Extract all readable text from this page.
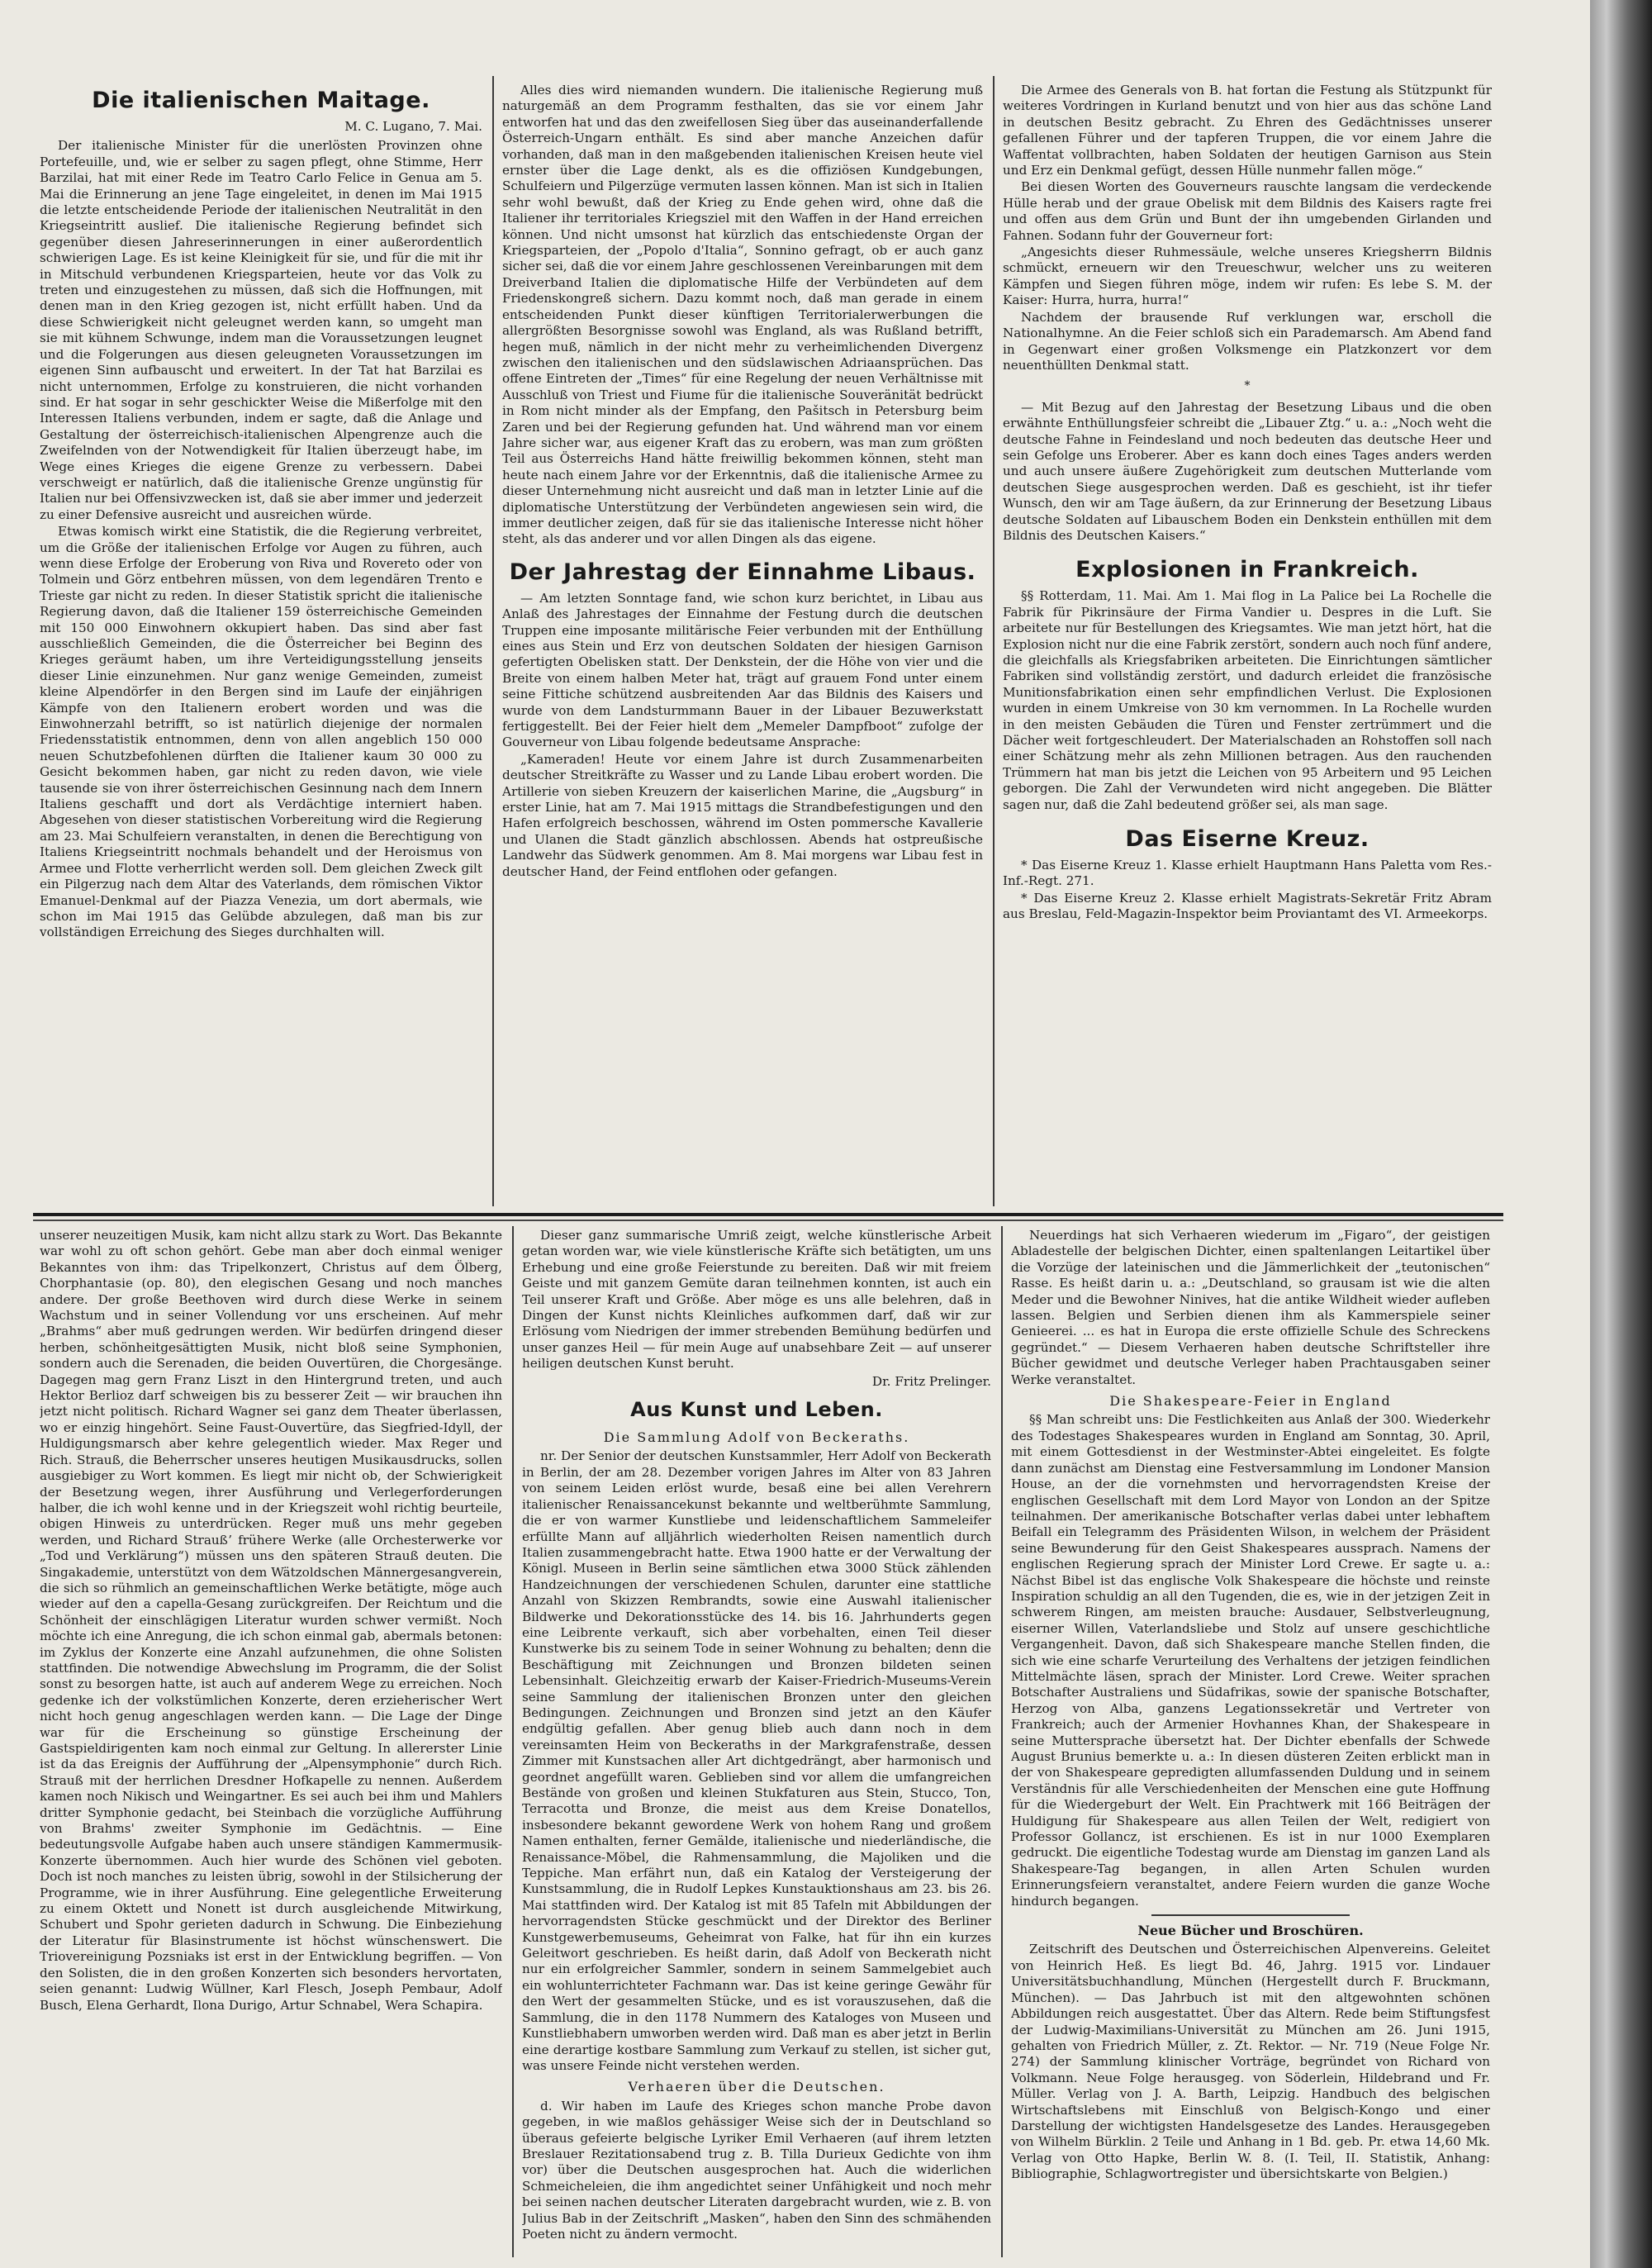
Die italienischen Maitage.
M. C. Lugano, 7. Mai.

Der italienische Minister für die unerlösten Provinzen ohne Portefeuille, und, wie er selber zu sagen pflegt, ohne Stimme, Herr Barzilai, hat mit einer Rede im Teatro Carlo Felice in Genua am 5. Mai die Erinnerung an jene Tage eingeleitet, in denen im Mai 1915 die letzte entscheidende Periode der italienischen Neutralität in den Kriegseintritt auslief. Die italienische Regierung befindet sich gegenüber diesen Jahreserinnerungen in einer außerordentlich schwierigen Lage. Es ist keine Kleinigkeit für sie, und für die mit ihr in Mitschuld verbundenen Kriegsparteien, heute vor das Volk zu treten und einzugestehen zu müssen, daß sich die Hoffnungen, mit denen man in den Krieg gezogen ist, nicht erfüllt haben. Und da diese Schwierigkeit nicht geleugnet werden kann, so umgeht man sie mit kühnem Schwunge, indem man die Voraussetzungen leugnet und die Folgerungen aus diesen geleugneten Voraussetzungen im eigenen Sinn aufbauscht und erweitert. In der Tat hat Barzilai es nicht unternommen, Erfolge zu konstruieren, die nicht vorhanden sind. Er hat sogar in sehr geschickter Weise die Mißerfolge mit den Interessen Italiens verbunden, indem er sagte, daß die Anlage und Gestaltung der österreichisch-italienischen Alpengrenze auch die Zweifelnden von der Notwendigkeit für Italien überzeugt habe, im Wege eines Krieges die eigene Grenze zu verbessern. Dabei verschweigt er natürlich, daß die italienische Grenze ungünstig für Italien nur bei Offensivzwecken ist, daß sie aber immer und jederzeit zu einer Defensive ausreicht und ausreichen würde.

Etwas komisch wirkt eine Statistik, die die Regierung verbreitet, um die Größe der italienischen Erfolge vor Augen zu führen, auch wenn diese Erfolge der Eroberung von Riva und Rovereto oder von Tolmein und Görz entbehren müssen, von dem legendären Trento e Trieste gar nicht zu reden. In dieser Statistik spricht die italienische Regierung davon, daß die Italiener 159 österreichische Gemeinden mit 150 000 Einwohnern okkupiert haben. Das sind aber fast ausschließlich Gemeinden, die die Österreicher bei Beginn des Krieges geräumt haben, um ihre Verteidigungsstellung jenseits dieser Linie einzunehmen. Nur ganz wenige Gemeinden, zumeist kleine Alpendörfer in den Bergen sind im Laufe der einjährigen Kämpfe von den Italienern erobert worden und was die Einwohnerzahl betrifft, so ist natürlich diejenige der normalen Friedensstatistik entnommen, denn von allen angeblich 150 000 neuen Schutzbefohlenen dürften die Italiener kaum 30 000 zu Gesicht bekommen haben, gar nicht zu reden davon, wie viele tausende sie von ihrer österreichischen Gesinnung nach dem Innern Italiens geschafft und dort als Verdächtige interniert haben. Abgesehen von dieser statistischen Vorbereitung wird die Regierung am 23. Mai Schulfeiern veranstalten, in denen die Berechtigung von Italiens Kriegseintritt nochmals behandelt und der Heroismus von Armee und Flotte verherrlicht werden soll. Dem gleichen Zweck gilt ein Pilgerzug nach dem Altar des Vaterlands, dem römischen Viktor Emanuel-Denkmal auf der Piazza Venezia, um dort abermals, wie schon im Mai 1915 das Gelübde abzulegen, daß man bis zur vollständigen Erreichung des Sieges durchhalten will.

Alles dies wird niemanden wundern. Die italienische Regierung muß naturgemäß an dem Programm festhalten, das sie vor einem Jahr entworfen hat und das den zweifellosen Sieg über das auseinanderfallende Österreich-Ungarn enthält. Es sind aber manche Anzeichen dafür vorhanden, daß man in den maßgebenden italienischen Kreisen heute viel ernster über die Lage denkt, als es die offiziösen Kundgebungen, Schulfeiern und Pilgerzüge vermuten lassen können. Man ist sich in Italien sehr wohl bewußt, daß der Krieg zu Ende gehen wird, ohne daß die Italiener ihr territoriales Kriegsziel mit den Waffen in der Hand erreichen können. Und nicht umsonst hat kürzlich das entschiedenste Organ der Kriegsparteien, der „Popolo d'Italia“, Sonnino gefragt, ob er auch ganz sicher sei, daß die vor einem Jahre geschlossenen Vereinbarungen mit dem Dreiverband Italien die diplomatische Hilfe der Verbündeten auf dem Friedenskongreß sichern. Dazu kommt noch, daß man gerade in einem entscheidenden Punkt dieser künftigen Territorialerwerbungen die allergrößten Besorgnisse sowohl was England, als was Rußland betrifft, hegen muß, nämlich in der nicht mehr zu verheimlichenden Divergenz zwischen den italienischen und den südslawischen Adriaansprüchen. Das offene Eintreten der „Times“ für eine Regelung der neuen Verhältnisse mit Ausschluß von Triest und Fiume für die italienische Souveränität bedrückt in Rom nicht minder als der Empfang, den Pašitsch in Petersburg beim Zaren und bei der Regierung gefunden hat. Und während man vor einem Jahre sicher war, aus eigener Kraft das zu erobern, was man zum größten Teil aus Österreichs Hand hätte freiwillig bekommen können, steht man heute nach einem Jahre vor der Erkenntnis, daß die italienische Armee zu dieser Unternehmung nicht ausreicht und daß man in letzter Linie auf die diplomatische Unterstützung der Verbündeten angewiesen sein wird, die immer deutlicher zeigen, daß für sie das italienische Interesse nicht höher steht, als das anderer und vor allen Dingen als das eigene.

Der Jahrestag der Einnahme Libaus.

— Am letzten Sonntage fand, wie schon kurz berichtet, in Libau aus Anlaß des Jahrestages der Einnahme der Festung durch die deutschen Truppen eine imposante militärische Feier verbunden mit der Enthüllung eines aus Stein und Erz von deutschen Soldaten der hiesigen Garnison gefertigten Obelisken statt. Der Denkstein, der die Höhe von vier und die Breite von einem halben Meter hat, trägt auf grauem Fond unter einem seine Fittiche schützend ausbreitenden Aar das Bildnis des Kaisers und wurde von dem Landsturmmann Bauer in der Libauer Bezuwerkstatt fertiggestellt. Bei der Feier hielt dem „Memeler Dampfboot“ zufolge der Gouverneur von Libau folgende bedeutsame Ansprache:

„Kameraden! Heute vor einem Jahre ist durch Zusammenarbeiten deutscher Streitkräfte zu Wasser und zu Lande Libau erobert worden. Die Artillerie von sieben Kreuzern der kaiserlichen Marine, die „Augsburg“ in erster Linie, hat am 7. Mai 1915 mittags die Strandbefestigungen und den Hafen erfolgreich beschossen, während im Osten pommersche Kavallerie und Ulanen die Stadt gänzlich abschlossen. Abends hat ostpreußische Landwehr das Südwerk genommen. Am 8. Mai morgens war Libau fest in deutscher Hand, der Feind entflohen oder gefangen.

Die Armee des Generals von B. hat fortan die Festung als Stützpunkt für weiteres Vordringen in Kurland benutzt und von hier aus das schöne Land in deutschen Besitz gebracht. Zu Ehren des Gedächtnisses unserer gefallenen Führer und der tapferen Truppen, die vor einem Jahre die Waffentat vollbrachten, haben Soldaten der heutigen Garnison aus Stein und Erz ein Denkmal gefügt, dessen Hülle nunmehr fallen möge.“

Bei diesen Worten des Gouverneurs rauschte langsam die verdeckende Hülle herab und der graue Obelisk mit dem Bildnis des Kaisers ragte frei und offen aus dem Grün und Bunt der ihn umgebenden Girlanden und Fahnen. Sodann fuhr der Gouverneur fort:

„Angesichts dieser Ruhmessäule, welche unseres Kriegsherrn Bildnis schmückt, erneuern wir den Treueschwur, welcher uns zu weiteren Kämpfen und Siegen führen möge, indem wir rufen: Es lebe S. M. der Kaiser: Hurra, hurra, hurra!“

Nachdem der brausende Ruf verklungen war, erscholl die Nationalhymne. An die Feier schloß sich ein Parademarsch. Am Abend fand in Gegenwart einer großen Volksmenge ein Platzkonzert vor dem neuenthüllten Denkmal statt.

*

— Mit Bezug auf den Jahrestag der Besetzung Libaus und die oben erwähnte Enthüllungsfeier schreibt die „Libauer Ztg.“ u. a.: „Noch weht die deutsche Fahne in Feindesland und noch bedeuten das deutsche Heer und sein Gefolge uns Eroberer. Aber es kann doch eines Tages anders werden und auch unsere äußere Zugehörigkeit zum deutschen Mutterlande vom deutschen Siege ausgesprochen werden. Daß es geschieht, ist ihr tiefer Wunsch, den wir am Tage äußern, da zur Erinnerung der Besetzung Libaus deutsche Soldaten auf Libauschem Boden ein Denkstein enthüllen mit dem Bildnis des Deutschen Kaisers.“

Explosionen in Frankreich.

§§ Rotterdam, 11. Mai. Am 1. Mai flog in La Palice bei La Rochelle die Fabrik für Pikrinsäure der Firma Vandier u. Despres in die Luft. Sie arbeitete nur für Bestellungen des Kriegsamtes. Wie man jetzt hört, hat die Explosion nicht nur die eine Fabrik zerstört, sondern auch noch fünf andere, die gleichfalls als Kriegsfabriken arbeiteten. Die Einrichtungen sämtlicher Fabriken sind vollständig zerstört, und dadurch erleidet die französische Munitionsfabrikation einen sehr empfindlichen Verlust. Die Explosionen wurden in einem Umkreise von 30 km vernommen. In La Rochelle wurden in den meisten Gebäuden die Türen und Fenster zertrümmert und die Dächer weit fortgeschleudert. Der Materialschaden an Rohstoffen soll nach einer Schätzung mehr als zehn Millionen betragen. Aus den rauchenden Trümmern hat man bis jetzt die Leichen von 95 Arbeitern und 95 Leichen geborgen. Die Zahl der Verwundeten wird nicht angegeben. Die Blätter sagen nur, daß die Zahl bedeutend größer sei, als man sage.

Das Eiserne Kreuz.

* Das Eiserne Kreuz 1. Klasse erhielt Hauptmann Hans Paletta vom Res.-Inf.-Regt. 271.

* Das Eiserne Kreuz 2. Klasse erhielt Magistrats-Sekretär Fritz Abram aus Breslau, Feld-Magazin-Inspektor beim Proviantamt des VI. Armeekorps.

unserer neuzeitigen Musik, kam nicht allzu stark zu Wort. Das Bekannte war wohl zu oft schon gehört. Gebe man aber doch einmal weniger Bekanntes von ihm: das Tripelkonzert, Christus auf dem Ölberg, Chorphantasie (op. 80), den elegischen Gesang und noch manches andere. Der große Beethoven wird durch diese Werke in seinem Wachstum und in seiner Vollendung vor uns erscheinen. Auf mehr „Brahms“ aber muß gedrungen werden. Wir bedürfen dringend dieser herben, schönheitgesättigten Musik, nicht bloß seine Symphonien, sondern auch die Serenaden, die beiden Ouvertüren, die Chorgesänge. Dagegen mag gern Franz Liszt in den Hintergrund treten, und auch Hektor Berlioz darf schweigen bis zu besserer Zeit — wir brauchen ihn jetzt nicht politisch. Richard Wagner sei ganz dem Theater überlassen, wo er einzig hingehört. Seine Faust-Ouvertüre, das Siegfried-Idyll, der Huldigungsmarsch aber kehre gelegentlich wieder. Max Reger und Rich. Strauß, die Beherrscher unseres heutigen Musikausdrucks, sollen ausgiebiger zu Wort kommen. Es liegt mir nicht ob, der Schwierigkeit der Besetzung wegen, ihrer Ausführung und Verlegerforderungen halber, die ich wohl kenne und in der Kriegszeit wohl richtig beurteile, obigen Hinweis zu unterdrücken. Reger muß uns mehr gegeben werden, und Richard Straußʼ frühere Werke (alle Orchesterwerke vor „Tod und Verklärung“) müssen uns den späteren Strauß deuten. Die Singakademie, unterstützt von dem Wätzoldschen Männergesangverein, die sich so rühmlich an gemeinschaftlichen Werke betätigte, möge auch wieder auf den a capella-Gesang zurückgreifen. Der Reichtum und die Schönheit der einschlägigen Literatur wurden schwer vermißt. Noch möchte ich eine Anregung, die ich schon einmal gab, abermals betonen: im Zyklus der Konzerte eine Anzahl aufzunehmen, die ohne Solisten stattfinden. Die notwendige Abwechslung im Programm, die der Solist sonst zu besorgen hatte, ist auch auf anderem Wege zu erreichen. Noch gedenke ich der volkstümlichen Konzerte, deren erzieherischer Wert nicht hoch genug angeschlagen werden kann. — Die Lage der Dinge war für die Erscheinung so günstige Erscheinung der Gastspieldirigenten kam noch einmal zur Geltung. In allererster Linie ist da das Ereignis der Aufführung der „Alpensymphonie“ durch Rich. Strauß mit der herrlichen Dresdner Hofkapelle zu nennen. Außerdem kamen noch Nikisch und Weingartner. Es sei auch bei ihm und Mahlers dritter Symphonie gedacht, bei Steinbach die vorzügliche Aufführung von Brahms' zweiter Symphonie im Gedächtnis. — Eine bedeutungsvolle Aufgabe haben auch unsere ständigen Kammermusik-Konzerte übernommen. Auch hier wurde des Schönen viel geboten. Doch ist noch manches zu leisten übrig, sowohl in der Stilsicherung der Programme, wie in ihrer Ausführung. Eine gelegentliche Erweiterung zu einem Oktett und Nonett ist durch ausgleichende Mitwirkung, Schubert und Spohr gerieten dadurch in Schwung. Die Einbeziehung der Literatur für Blasinstrumente ist höchst wünschenswert. Die Triovereinigung Pozsniaks ist erst in der Entwicklung begriffen. — Von den Solisten, die in den großen Konzerten sich besonders hervortaten, seien genannt: Ludwig Wüllner, Karl Flesch, Joseph Pembaur, Adolf Busch, Elena Gerhardt, Ilona Durigo, Artur Schnabel, Wera Schapira.

Dieser ganz summarische Umriß zeigt, welche künstlerische Arbeit getan worden war, wie viele künstlerische Kräfte sich betätigten, um uns Erhebung und eine große Feierstunde zu bereiten. Daß wir mit freiem Geiste und mit ganzem Gemüte daran teilnehmen konnten, ist auch ein Teil unserer Kraft und Größe. Aber möge es uns alle belehren, daß in Dingen der Kunst nichts Kleinliches aufkommen darf, daß wir zur Erlösung vom Niedrigen der immer strebenden Bemühung bedürfen und unser ganzes Heil — für mein Auge auf unabsehbare Zeit — auf unserer heiligen deutschen Kunst beruht.

Dr. Fritz Prelinger.
Aus Kunst und Leben.
Die Sammlung Adolf von Beckeraths.

nr. Der Senior der deutschen Kunstsammler, Herr Adolf von Beckerath in Berlin, der am 28. Dezember vorigen Jahres im Alter von 83 Jahren von seinem Leiden erlöst wurde, besaß eine bei allen Verehrern italienischer Renaissancekunst bekannte und weltberühmte Sammlung, die er von warmer Kunstliebe und leidenschaftlichem Sammeleifer erfüllte Mann auf alljährlich wiederholten Reisen namentlich durch Italien zusammengebracht hatte. Etwa 1900 hatte er der Verwaltung der Königl. Museen in Berlin seine sämtlichen etwa 3000 Stück zählenden Handzeichnungen der verschiedenen Schulen, darunter eine stattliche Anzahl von Skizzen Rembrandts, sowie eine Auswahl italienischer Bildwerke und Dekorationsstücke des 14. bis 16. Jahrhunderts gegen eine Leibrente verkauft, sich aber vorbehalten, einen Teil dieser Kunstwerke bis zu seinem Tode in seiner Wohnung zu behalten; denn die Beschäftigung mit Zeichnungen und Bronzen bildeten seinen Lebensinhalt. Gleichzeitig erwarb der Kaiser-Friedrich-Museums-Verein seine Sammlung der italienischen Bronzen unter den gleichen Bedingungen. Zeichnungen und Bronzen sind jetzt an den Käufer endgültig gefallen. Aber genug blieb auch dann noch in dem vereinsamten Heim von Beckeraths in der Markgrafenstraße, dessen Zimmer mit Kunstsachen aller Art dichtgedrängt, aber harmonisch und geordnet angefüllt waren. Geblieben sind vor allem die umfangreichen Bestände von großen und kleinen Stukfaturen aus Stein, Stucco, Ton, Terracotta und Bronze, die meist aus dem Kreise Donatellos, insbesondere bekannt gewordene Werk von hohem Rang und großem Namen enthalten, ferner Gemälde, italienische und niederländische, die Renaissance-Möbel, die Rahmensammlung, die Majoliken und die Teppiche. Man erfährt nun, daß ein Katalog der Versteigerung der Kunstsammlung, die in Rudolf Lepkes Kunstauktionshaus am 23. bis 26. Mai stattfinden wird. Der Katalog ist mit 85 Tafeln mit Abbildungen der hervorragendsten Stücke geschmückt und der Direktor des Berliner Kunstgewerbemuseums, Geheimrat von Falke, hat für ihn ein kurzes Geleitwort geschrieben. Es heißt darin, daß Adolf von Beckerath nicht nur ein erfolgreicher Sammler, sondern in seinem Sammelgebiet auch ein wohlunterrichteter Fachmann war. Das ist keine geringe Gewähr für den Wert der gesammelten Stücke, und es ist vorauszusehen, daß die Sammlung, die in den 1178 Nummern des Kataloges von Museen und Kunstliebhabern umworben werden wird. Daß man es aber jetzt in Berlin eine derartige kostbare Sammlung zum Verkauf zu stellen, ist sicher gut, was unsere Feinde nicht verstehen werden.

Verhaeren über die Deutschen.

d. Wir haben im Laufe des Krieges schon manche Probe davon gegeben, in wie maßlos gehässiger Weise sich der in Deutschland so überaus gefeierte belgische Lyriker Emil Verhaeren (auf ihrem letzten Breslauer Rezitationsabend trug z. B. Tilla Durieux Gedichte von ihm vor) über die Deutschen ausgesprochen hat. Auch die widerlichen Schmeicheleien, die ihm angedichtet seiner Unfähigkeit und noch mehr bei seinen nachen deutscher Literaten dargebracht wurden, wie z. B. von Julius Bab in der Zeitschrift „Masken“, haben den Sinn des schmähenden Poeten nicht zu ändern vermocht.

Neuerdings hat sich Verhaeren wiederum im „Figaro“, der geistigen Abladestelle der belgischen Dichter, einen spaltenlangen Leitartikel über die Vorzüge der lateinischen und die Jämmerlichkeit der „teutonischen“ Rasse. Es heißt darin u. a.: „Deutschland, so grausam ist wie die alten Meder und die Bewohner Ninives, hat die antike Wildheit wieder aufleben lassen. Belgien und Serbien dienen ihm als Kammerspiele seiner Genieerei. ... es hat in Europa die erste offizielle Schule des Schreckens gegründet.“ — Diesem Verhaeren haben deutsche Schriftsteller ihre Bücher gewidmet und deutsche Verleger haben Prachtausgaben seiner Werke veranstaltet.

Die Shakespeare-Feier in England

§§ Man schreibt uns: Die Festlichkeiten aus Anlaß der 300. Wiederkehr des Todestages Shakespeares wurden in England am Sonntag, 30. April, mit einem Gottesdienst in der Westminster-Abtei eingeleitet. Es folgte dann zunächst am Dienstag eine Festversammlung im Londoner Mansion House, an der die vornehmsten und hervorragendsten Kreise der englischen Gesellschaft mit dem Lord Mayor von London an der Spitze teilnahmen. Der amerikanische Botschafter verlas dabei unter lebhaftem Beifall ein Telegramm des Präsidenten Wilson, in welchem der Präsident seine Bewunderung für den Geist Shakespeares aussprach. Namens der englischen Regierung sprach der Minister Lord Crewe. Er sagte u. a.: Nächst Bibel ist das englische Volk Shakespeare die höchste und reinste Inspiration schuldig an all den Tugenden, die es, wie in der jetzigen Zeit in schwerem Ringen, am meisten brauche: Ausdauer, Selbstverleugnung, eiserner Willen, Vaterlandsliebe und Stolz auf unsere geschichtliche Vergangenheit. Davon, daß sich Shakespeare manche Stellen finden, die sich wie eine scharfe Verurteilung des Verhaltens der jetzigen feindlichen Mittelmächte läsen, sprach der Minister. Lord Crewe. Weiter sprachen Botschafter Australiens und Südafrikas, sowie der spanische Botschafter, Herzog von Alba, ganzens Legationssekretär und Vertreter von Frankreich; auch der Armenier Hovhannes Khan, der Shakespeare in seine Muttersprache übersetzt hat. Der Dichter ebenfalls der Schwede August Brunius bemerkte u. a.: In diesen düsteren Zeiten erblickt man in der von Shakespeare gepredigten allumfassenden Duldung und in seinem Verständnis für alle Verschiedenheiten der Menschen eine gute Hoffnung für die Wiedergeburt der Welt. Ein Prachtwerk mit 166 Beiträgen der Huldigung für Shakespeare aus allen Teilen der Welt, redigiert von Professor Gollancz, ist erschienen. Es ist in nur 1000 Exemplaren gedruckt. Die eigentliche Todestag wurde am Dienstag im ganzen Land als Shakespeare-Tag begangen, in allen Arten Schulen wurden Erinnerungsfeiern veranstaltet, andere Feiern wurden die ganze Woche hindurch begangen.

Neue Bücher und Broschüren.

Zeitschrift des Deutschen und Österreichischen Alpenvereins. Geleitet von Heinrich Heß. Es liegt Bd. 46, Jahrg. 1915 vor. Lindauer Universitätsbuchhandlung, München (Hergestellt durch F. Bruckmann, München). — Das Jahrbuch ist mit den altgewohnten schönen Abbildungen reich ausgestattet. Über das Altern. Rede beim Stiftungsfest der Ludwig-Maximilians-Universität zu München am 26. Juni 1915, gehalten von Friedrich Müller, z. Zt. Rektor. — Nr. 719 (Neue Folge Nr. 274) der Sammlung klinischer Vorträge, begründet von Richard von Volkmann. Neue Folge herausgeg. von Söderlein, Hildebrand und Fr. Müller. Verlag von J. A. Barth, Leipzig. Handbuch des belgischen Wirtschaftslebens mit Einschluß von Belgisch-Kongo und einer Darstellung der wichtigsten Handelsgesetze des Landes. Herausgegeben von Wilhelm Bürklin. 2 Teile und Anhang in 1 Bd. geb. Pr. etwa 14,60 Mk. Verlag von Otto Hapke, Berlin W. 8. (I. Teil, II. Statistik, Anhang: Bibliographie, Schlagwortregister und übersichtskarte von Belgien.)
